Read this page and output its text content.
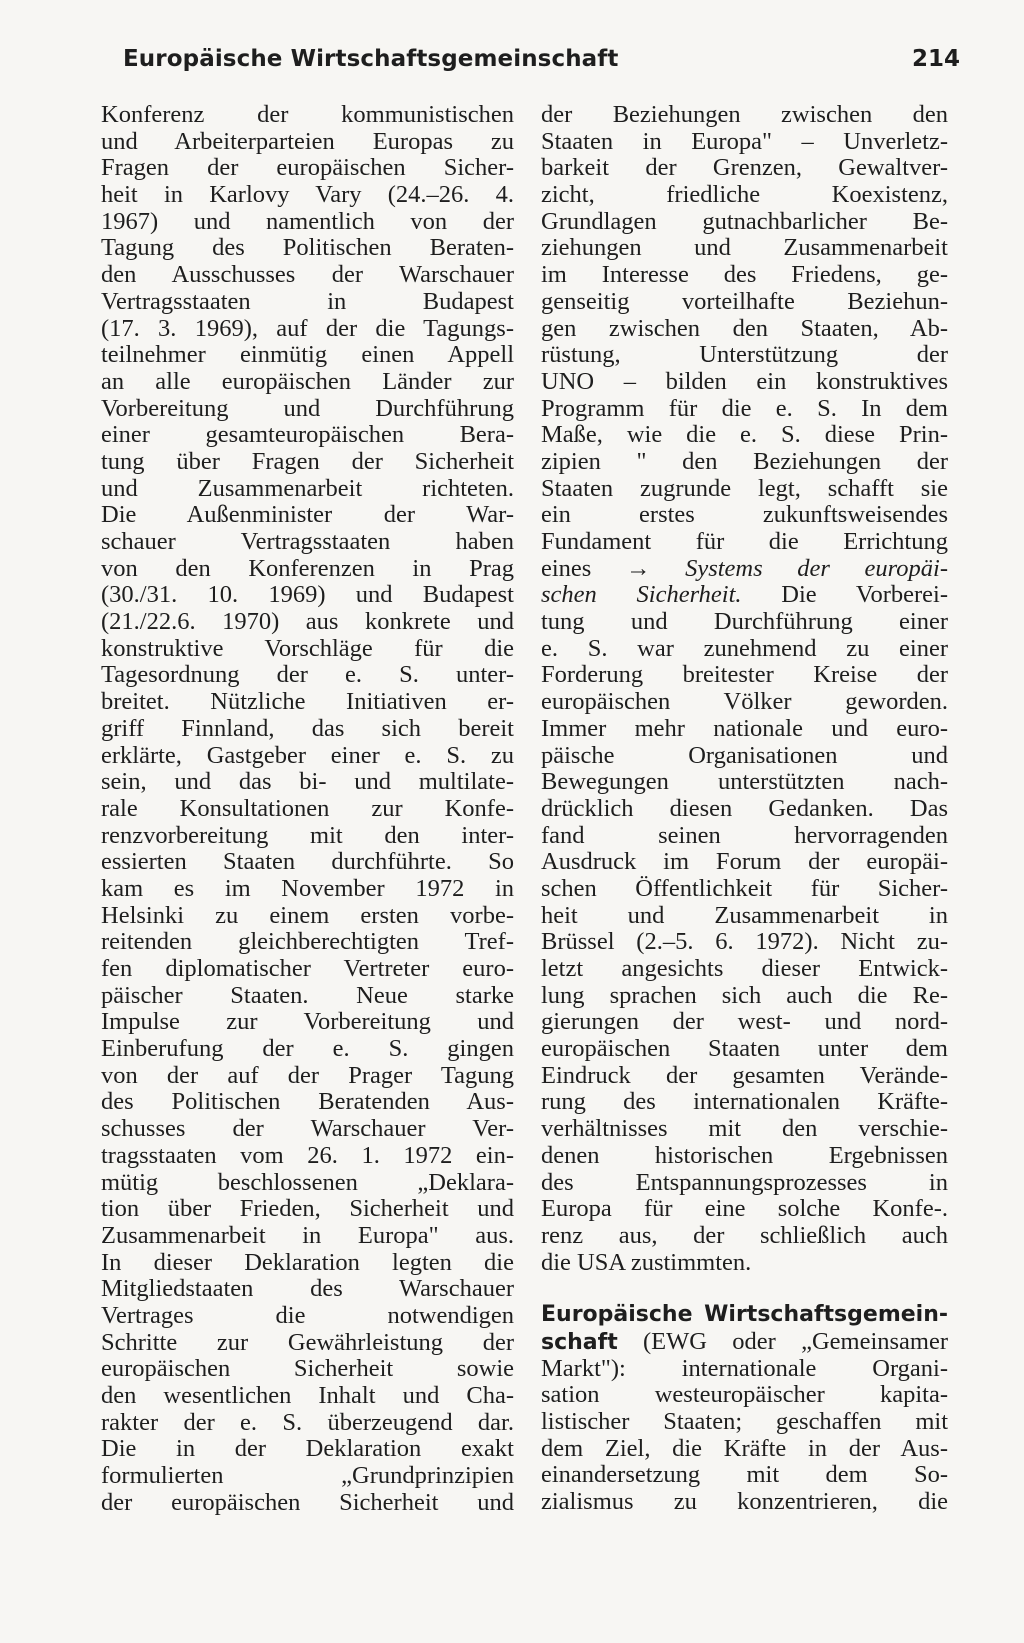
Europäische Wirtschaftsgemeinschaft	214
Konferenz der kommunistischen
und Arbeiterparteien Europas zu
Fragen der europäischen Sicher-
heit in Karlovy Vary (24.–26. 4.
1967) und namentlich von der
Tagung des Politischen Beraten-
den Ausschusses der Warschauer
Vertragsstaaten in Budapest
(17. 3. 1969), auf der die Tagungs-
teilnehmer einmütig einen Appell
an alle europäischen Länder zur
Vorbereitung und Durchführung
einer gesamteuropäischen Bera-
tung über Fragen der Sicherheit
und Zusammenarbeit richteten.
Die Außenminister der War-
schauer Vertragsstaaten haben
von den Konferenzen in Prag
(30./31. 10. 1969) und Budapest
(21./22.6. 1970) aus konkrete und
konstruktive Vorschläge für die
Tagesordnung der e. S. unter-
breitet. Nützliche Initiativen er-
griff Finnland, das sich bereit
erklärte, Gastgeber einer e. S. zu
sein, und das bi- und multilate-
rale Konsultationen zur Konfe-
renzvorbereitung mit den inter-
essierten Staaten durchführte. So
kam es im November 1972 in
Helsinki zu einem ersten vorbe-
reitenden gleichberechtigten Tref-
fen diplomatischer Vertreter euro-
päischer Staaten. Neue starke
Impulse zur Vorbereitung und
Einberufung der e. S. gingen
von der auf der Prager Tagung
des Politischen Beratenden Aus-
schusses der Warschauer Ver-
tragsstaaten vom 26. 1. 1972 ein-
mütig beschlossenen „Deklara-
tion über Frieden, Sicherheit und
Zusammenarbeit in Europa" aus.
In dieser Deklaration legten die
Mitgliedstaaten des Warschauer
Vertrages die notwendigen
Schritte zur Gewährleistung der
europäischen Sicherheit sowie
den wesentlichen Inhalt und Cha-
rakter der e. S. überzeugend dar.
Die in der Deklaration exakt
formulierten „Grundprinzipien
der europäischen Sicherheit und
der Beziehungen zwischen den
Staaten in Europa" – Unverletz-
barkeit der Grenzen, Gewaltver-
zicht, friedliche Koexistenz,
Grundlagen gutnachbarlicher Be-
ziehungen und Zusammenarbeit
im Interesse des Friedens, ge-
genseitig vorteilhafte Beziehun-
gen zwischen den Staaten, Ab-
rüstung, Unterstützung der
UNO – bilden ein konstruktives
Programm für die e. S. In dem
Maße, wie die e. S. diese Prin-
zipien " den Beziehungen der
Staaten zugrunde legt, schafft sie
ein erstes zukunftsweisendes
Fundament für die Errichtung
eines → Systems der europäi-
schen Sicherheit. Die Vorberei-
tung und Durchführung einer
e. S. war zunehmend zu einer
Forderung breitester Kreise der
europäischen Völker geworden.
Immer mehr nationale und euro-
päische Organisationen und
Bewegungen unterstützten nach-
drücklich diesen Gedanken. Das
fand seinen hervorragenden
Ausdruck im Forum der europäi-
schen Öffentlichkeit für Sicher-
heit und Zusammenarbeit in
Brüssel (2.–5. 6. 1972). Nicht zu-
letzt angesichts dieser Entwick-
lung sprachen sich auch die Re-
gierungen der west- und nord-
europäischen Staaten unter dem
Eindruck der gesamten Verände-
rung des internationalen Kräfte-
verhältnisses mit den verschie-
denen historischen Ergebnissen
des Entspannungsprozesses in
Europa für eine solche Konfe-.
renz aus, der schließlich auch
die USA zustimmten.
Europäische Wirtschaftsgemein-
schaft (EWG oder „Gemeinsamer
Markt"): internationale Organi-
sation westeuropäischer kapita-
listischer Staaten; geschaffen mit
dem Ziel, die Kräfte in der Aus-
einandersetzung mit dem So-
zialismus zu konzentrieren, die
